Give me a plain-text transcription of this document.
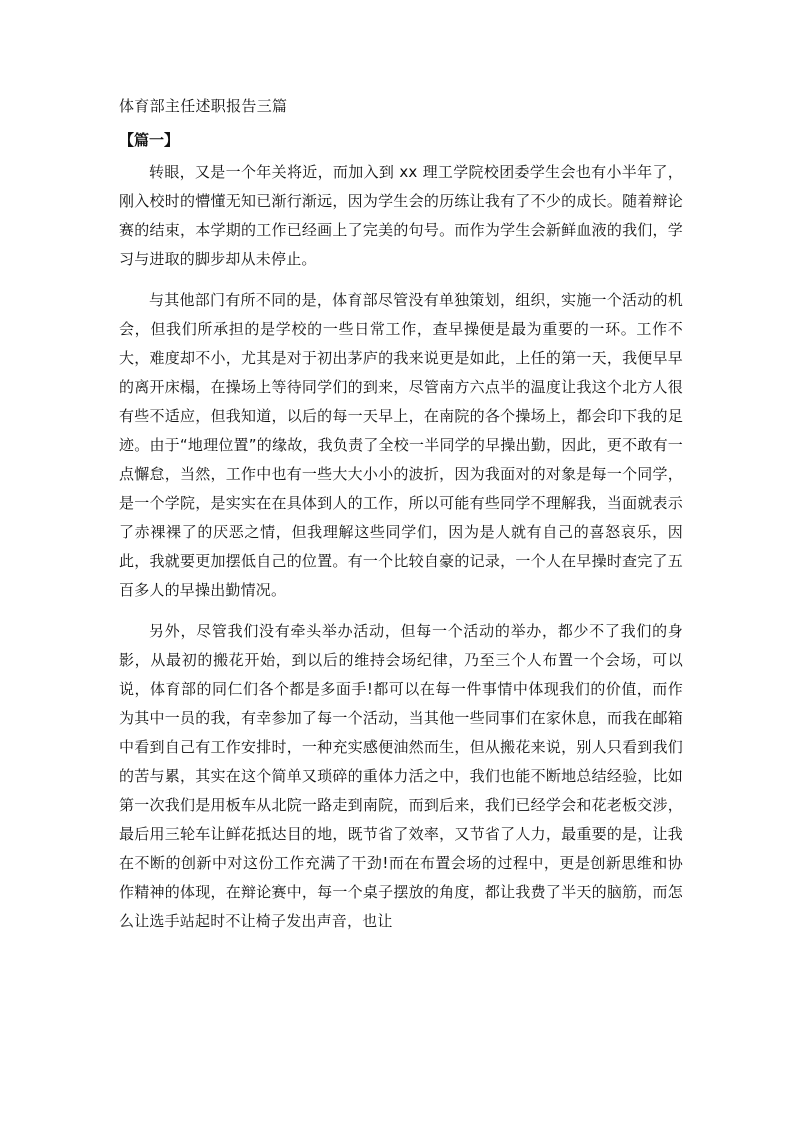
体育部主任述职报告三篇
【篇一】

转眼，又是一个年关将近，而加入到 xx 理工学院校团委学生会也有小半年了，刚入校时的懵懂无知已渐行渐远，因为学生会的历练让我有了不少的成长。随着辩论赛的结束，本学期的工作已经画上了完美的句号。而作为学生会新鲜血液的我们，学习与进取的脚步却从未停止。

与其他部门有所不同的是，体育部尽管没有单独策划，组织，实施一个活动的机会，但我们所承担的是学校的一些日常工作，查早操便是最为重要的一环。工作不大，难度却不小，尤其是对于初出茅庐的我来说更是如此，上任的第一天，我便早早的离开床榻，在操场上等待同学们的到来，尽管南方六点半的温度让我这个北方人很有些不适应，但我知道，以后的每一天早上，在南院的各个操场上，都会印下我的足迹。由于“地理位置”的缘故，我负责了全校一半同学的早操出勤，因此，更不敢有一点懈怠，当然，工作中也有一些大大小小的波折，因为我面对的对象是每一个同学，是一个学院，是实实在在具体到人的工作，所以可能有些同学不理解我，当面就表示了赤裸裸了的厌恶之情，但我理解这些同学们，因为是人就有自己的喜怒哀乐，因此，我就要更加摆低自己的位置。有一个比较自豪的记录，一个人在早操时查完了五百多人的早操出勤情况。

另外，尽管我们没有牵头举办活动，但每一个活动的举办，都少不了我们的身影，从最初的搬花开始，到以后的维持会场纪律，乃至三个人布置一个会场，可以说，体育部的同仁们各个都是多面手!都可以在每一件事情中体现我们的价值，而作为其中一员的我，有幸参加了每一个活动，当其他一些同事们在家休息，而我在邮箱中看到自己有工作安排时，一种充实感便油然而生，但从搬花来说，别人只看到我们的苦与累，其实在这个简单又琐碎的重体力活之中，我们也能不断地总结经验，比如第一次我们是用板车从北院一路走到南院，而到后来，我们已经学会和花老板交涉，最后用三轮车让鲜花抵达目的地，既节省了效率，又节省了人力，最重要的是，让我在不断的创新中对这份工作充满了干劲!而在布置会场的过程中，更是创新思维和协作精神的体现，在辩论赛中，每一个桌子摆放的角度，都让我费了半天的脑筋，而怎么让选手站起时不让椅子发出声音，也让
